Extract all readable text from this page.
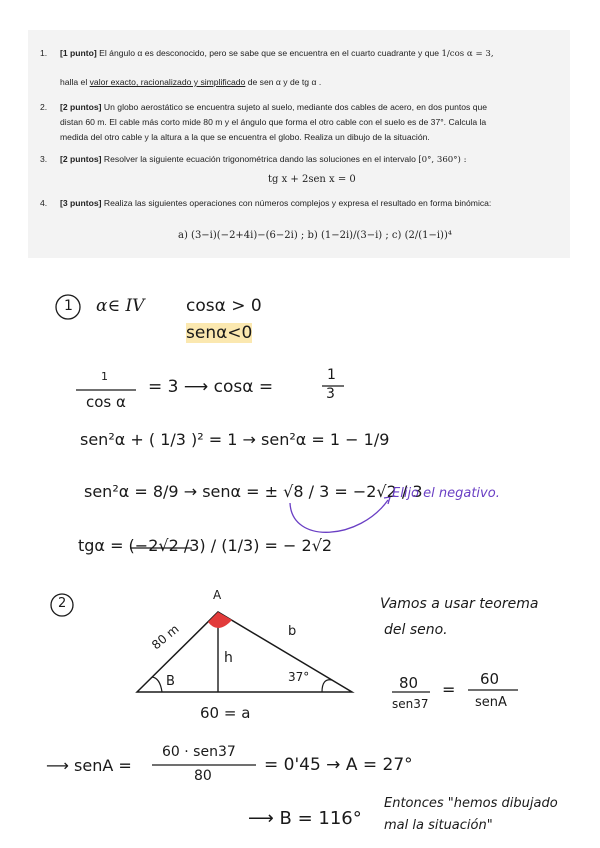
1. [1 punto] El ángulo α es desconocido, pero se sabe que se encuentra en el cuarto cuadrante y que 1/cos α = 3,
halla el valor exacto, racionalizado y simplificado de sen α y de tg α .
2. [2 puntos] Un globo aerostático se encuentra sujeto al suelo, mediante dos cables de acero, en dos puntos que
distan 60 m. El cable más corto mide 80 m y el ángulo que forma el otro cable con el suelo es de 37°. Calcula la
medida del otro cable y la altura a la que se encuentra el globo. Realiza un dibujo de la situación.
3. [2 puntos] Resolver la siguiente ecuación trigonométrica dando las soluciones en el intervalo [0°, 360°) :
tg x + 2sen x = 0
4. [3 puntos] Realiza las siguientes operaciones con números complejos y expresa el resultado en forma binómica:
a) (3−i)(−2+4i)−(6−2i) ; b) (1−2i)/(3−i) ; c) (2/(1−i))⁴
1 α∈ IV cosα > 0
senα<0
1
cos α
= 3 ⟶ cosα =
1
3
sen²α + ( 1/3 )² = 1 → sen²α = 1 − 1/9
sen²α = 8/9 → senα = ± √8 / 3 = −2√2 / 3
Elijo el negativo.
tgα = (−2√2 /3) / (1/3) = − 2√2
2
A
80 m	b
h
B	37°
60 = a
Vamos a usar teorema
del seno.
80
sen37
=
60
senA
⟶ senA =
60 · sen37
80
= 0'45 → A = 27°
⟶ B = 116°
Entonces "hemos dibujado
mal la situación"
